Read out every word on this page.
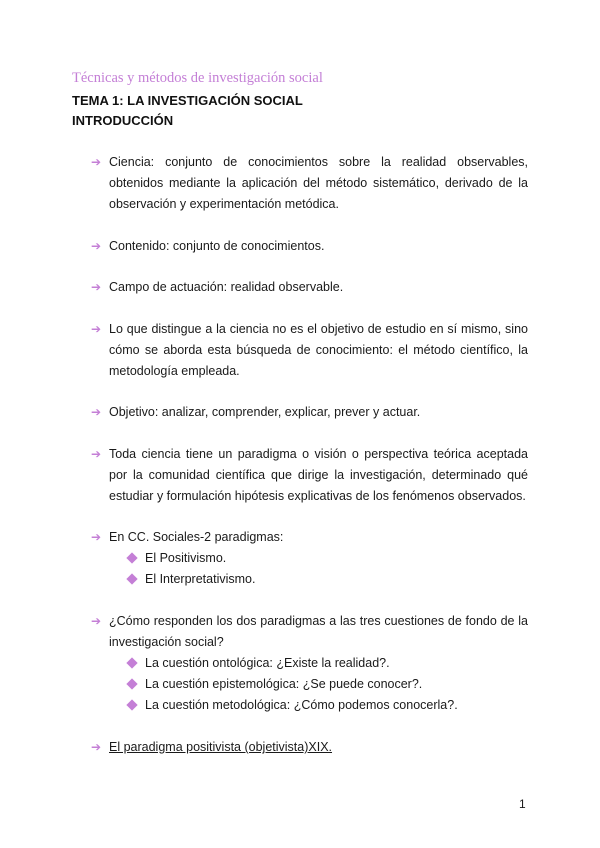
Técnicas y métodos de investigación social
TEMA 1: LA INVESTIGACIÓN SOCIAL
INTRODUCCIÓN
➔ Ciencia: conjunto de conocimientos sobre la realidad observables, obtenidos mediante la aplicación del método sistemático, derivado de la observación y experimentación metódica.
➔ Contenido: conjunto de conocimientos.
➔ Campo de actuación: realidad observable.
➔ Lo que distingue a la ciencia no es el objetivo de estudio en sí mismo, sino cómo se aborda esta búsqueda de conocimiento: el método científico, la metodología empleada.
➔ Objetivo: analizar, comprender, explicar, prever y actuar.
➔ Toda ciencia tiene un paradigma o visión o perspectiva teórica aceptada por la comunidad científica que dirige la investigación, determinado qué estudiar y formulación hipótesis explicativas de los fenómenos observados.
➔ En CC. Sociales-2 paradigmas:
El Positivismo.
El Interpretativismo.
➔ ¿Cómo responden los dos paradigmas a las tres cuestiones de fondo de la investigación social?
La cuestión ontológica: ¿Existe la realidad?.
La cuestión epistemológica: ¿Se puede conocer?.
La cuestión metodológica: ¿Cómo podemos conocerla?.
➔ El paradigma positivista (objetivista)XIX.
1
